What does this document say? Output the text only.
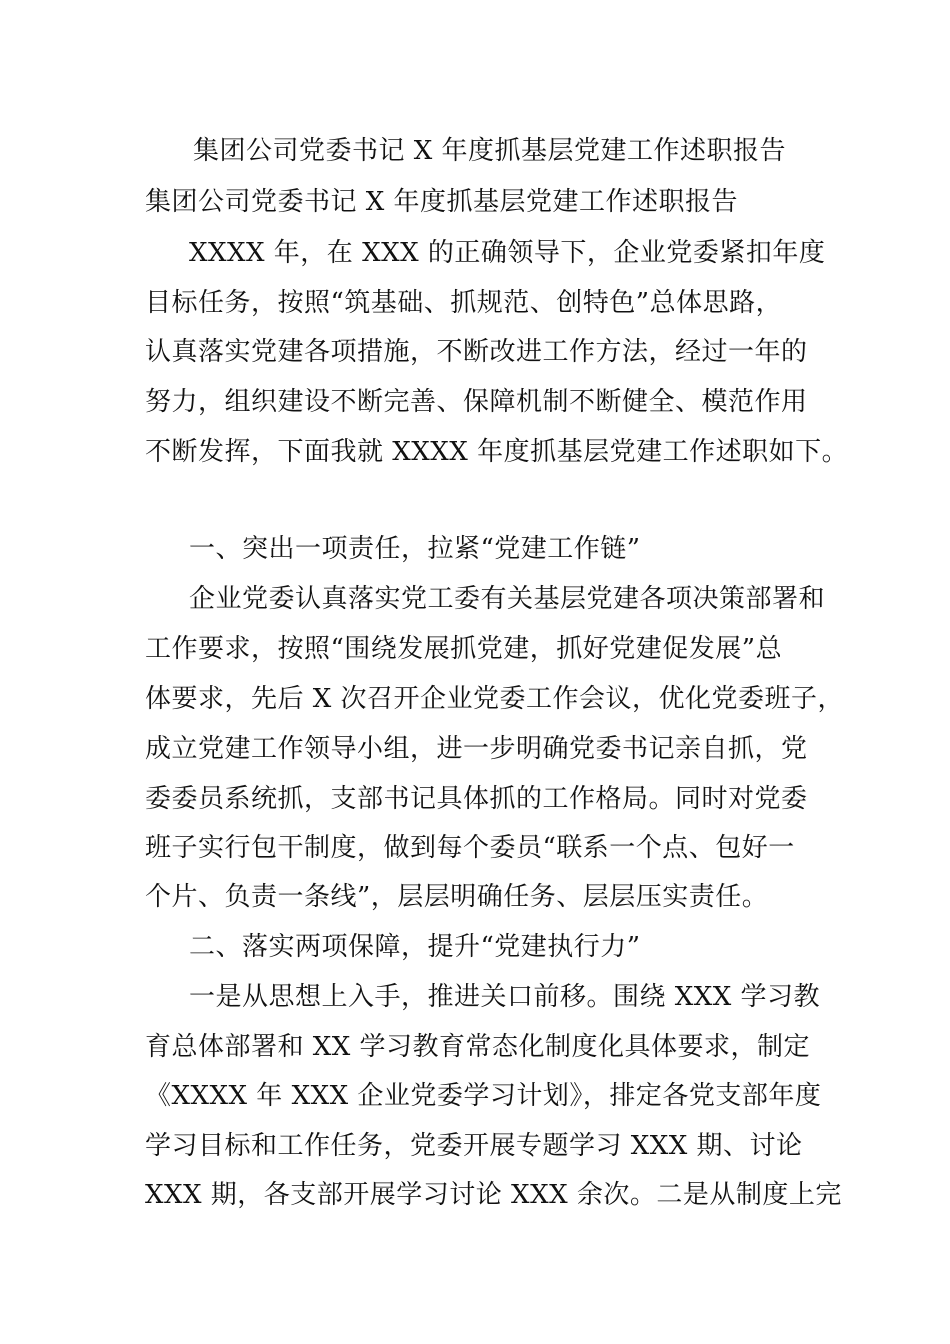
集团公司党委书记 X 年度抓基层党建工作述职报告
集团公司党委书记 X 年度抓基层党建工作述职报告
XXXX 年，在 XXX 的正确领导下，企业党委紧扣年度
目标任务，按照“筑基础、抓规范、创特色”总体思路，
认真落实党建各项措施，不断改进工作方法，经过一年的
努力，组织建设不断完善、保障机制不断健全、模范作用
不断发挥，下面我就 XXXX 年度抓基层党建工作述职如下。
一、突出一项责任，拉紧“党建工作链”
企业党委认真落实党工委有关基层党建各项决策部署和
工作要求，按照“围绕发展抓党建，抓好党建促发展”总
体要求，先后 X 次召开企业党委工作会议，优化党委班子，
成立党建工作领导小组，进一步明确党委书记亲自抓，党
委委员系统抓，支部书记具体抓的工作格局。同时对党委
班子实行包干制度，做到每个委员“联系一个点、包好一
个片、负责一条线”，层层明确任务、层层压实责任。
二、落实两项保障，提升“党建执行力”
一是从思想上入手，推进关口前移。围绕 XXX 学习教
育总体部署和 XX 学习教育常态化制度化具体要求，制定
《XXXX 年 XXX 企业党委学习计划》，排定各党支部年度
学习目标和工作任务，党委开展专题学习 XXX 期、讨论
XXX 期，各支部开展学习讨论 XXX 余次。二是从制度上完
